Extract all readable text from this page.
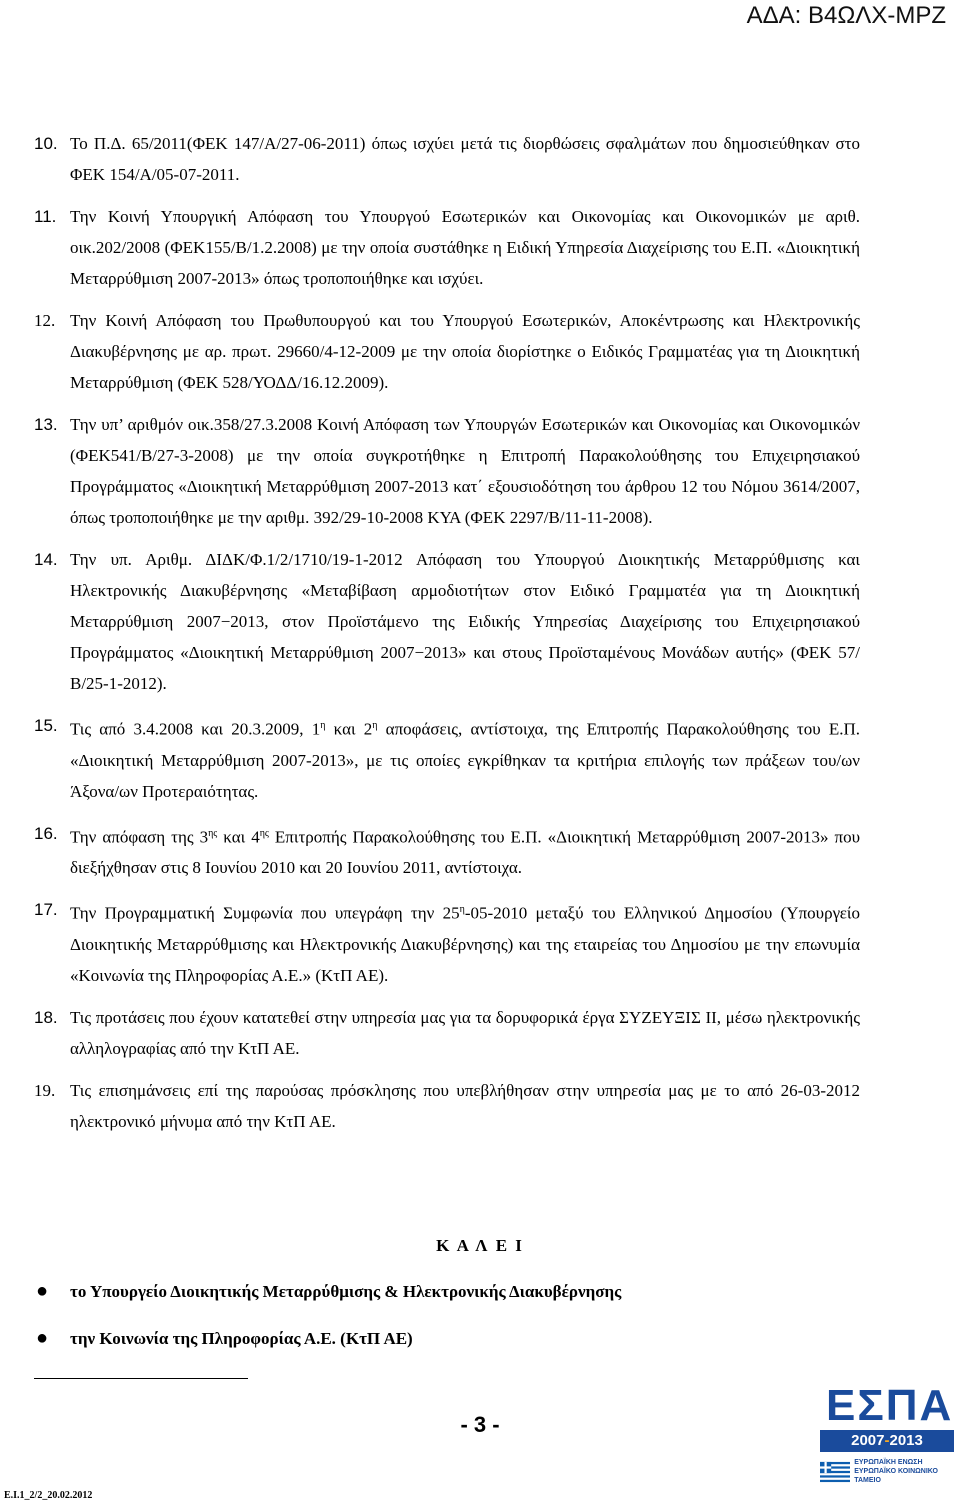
ΑΔΑ: Β4ΩΛΧ-ΜΡΖ
10. Το Π.Δ. 65/2011(ΦΕΚ 147/Α/27-06-2011) όπως ισχύει μετά τις διορθώσεις σφαλμάτων που δημοσιεύθηκαν στο ΦΕΚ 154/Α/05-07-2011.

11. Την Κοινή Υπουργική Απόφαση του Υπουργού Εσωτερικών και Οικονομίας και Οικονομικών με αριθ. οικ.202/2008 (ΦΕΚ155/Β/1.2.2008) με την οποία συστάθηκε η Ειδική Υπηρεσία Διαχείρισης του Ε.Π. «Διοικητική Μεταρρύθμιση 2007-2013» όπως τροποποιήθηκε και ισχύει.

12. Την Κοινή Απόφαση του Πρωθυπουργού και του Υπουργού Εσωτερικών, Αποκέντρωσης και Ηλεκτρονικής Διακυβέρνησης με αρ. πρωτ. 29660/4-12-2009 με την οποία διορίστηκε ο Ειδικός Γραμματέας για τη Διοικητική Μεταρρύθμιση (ΦΕΚ 528/ΥΟΔΔ/16.12.2009).

13. Την υπ’ αριθμόν οικ.358/27.3.2008 Κοινή Απόφαση των Υπουργών Εσωτερικών και Οικονομίας και Οικονομικών (ΦΕΚ541/Β/27-3-2008) με την οποία συγκροτήθηκε η Επιτροπή Παρακολούθησης του Επιχειρησιακού Προγράμματος «Διοικητική Μεταρρύθμιση 2007-2013 κατ΄ εξουσιοδότηση του άρθρου 12 του Νόμου 3614/2007, όπως τροποποιήθηκε με την αριθμ. 392/29-10-2008 ΚΥΑ (ΦΕΚ 2297/Β/11-11-2008).

14. Την υπ. Αριθμ. ΔΙΔΚ/Φ.1/2/1710/19-1-2012 Απόφαση του Υπουργού Διοικητικής Μεταρρύθμισης και Ηλεκτρονικής Διακυβέρνησης «Μεταβίβαση αρμοδιοτήτων στον Ειδικό Γραμματέα για τη Διοικητική Μεταρρύθμιση 2007−2013, στον Προϊστάμενο της Ειδικής Υπηρεσίας Διαχείρισης του Επιχειρησιακού Προγράμματος «Διοικητική Μεταρρύθμιση 2007−2013» και στους Προϊσταμένους Μονάδων αυτής» (ΦΕΚ 57/Β/25-1-2012).

15. Τις από 3.4.2008 και 20.3.2009, $1^\eta$ και $2^\eta$ αποφάσεις, αντίστοιχα, της Επιτροπής Παρακολούθησης του Ε.Π. «Διοικητική Μεταρρύθμιση 2007-2013», με τις οποίες εγκρίθηκαν τα κριτήρια επιλογής των πράξεων του/ων Άξονα/ων Προτεραιότητας.

16. Την απόφαση της $3^{\eta\varsigma}$ και $4^{\eta\varsigma}$ Επιτροπής Παρακολούθησης του Ε.Π. «Διοικητική Μεταρρύθμιση 2007-2013» που διεξήχθησαν στις 8 Ιουνίου 2010 και 20 Ιουνίου 2011, αντίστοιχα.

17. Την Προγραμματική Συμφωνία που υπεγράφη την $25^\eta-05-2010$ μεταξύ του Ελληνικού Δημοσίου (Υπουργείο Διοικητικής Μεταρρύθμισης και Ηλεκτρονικής Διακυβέρνησης) και της εταιρείας του Δημοσίου με την επωνυμία «Κοινωνία της Πληροφορίας Α.Ε.» (ΚτΠ ΑΕ).

18. Τις προτάσεις που έχουν κατατεθεί στην υπηρεσία μας για τα δορυφορικά έργα ΣΥΖΕΥΞΙΣ ΙΙ, μέσω ηλεκτρονικής αλληλογραφίας από την ΚτΠ ΑΕ.

19. Τις επισημάνσεις επί της παρούσας πρόσκλησης που υπεβλήθησαν στην υπηρεσία μας με το από 26-03-2012 ηλεκτρονικό μήνυμα από την ΚτΠ ΑΕ.

Κ Α Λ Ε Ι
● το Υπουργείο Διοικητικής Μεταρρύθμισης & Ηλεκτρονικής Διακυβέρνησης
● την Κοινωνία της Πληροφορίας Α.Ε. (ΚτΠ ΑΕ)
- 3 -
E.I.1_2/2_20.02.2012
ΕΣΠΑ
2007-2013
ΕΥΡΩΠΑΪΚΗ ΕΝΩΣΗ
ΕΥΡΩΠΑΪΚΟ ΚΟΙΝΩΝΙΚΟ ΤΑΜΕΙΟ
